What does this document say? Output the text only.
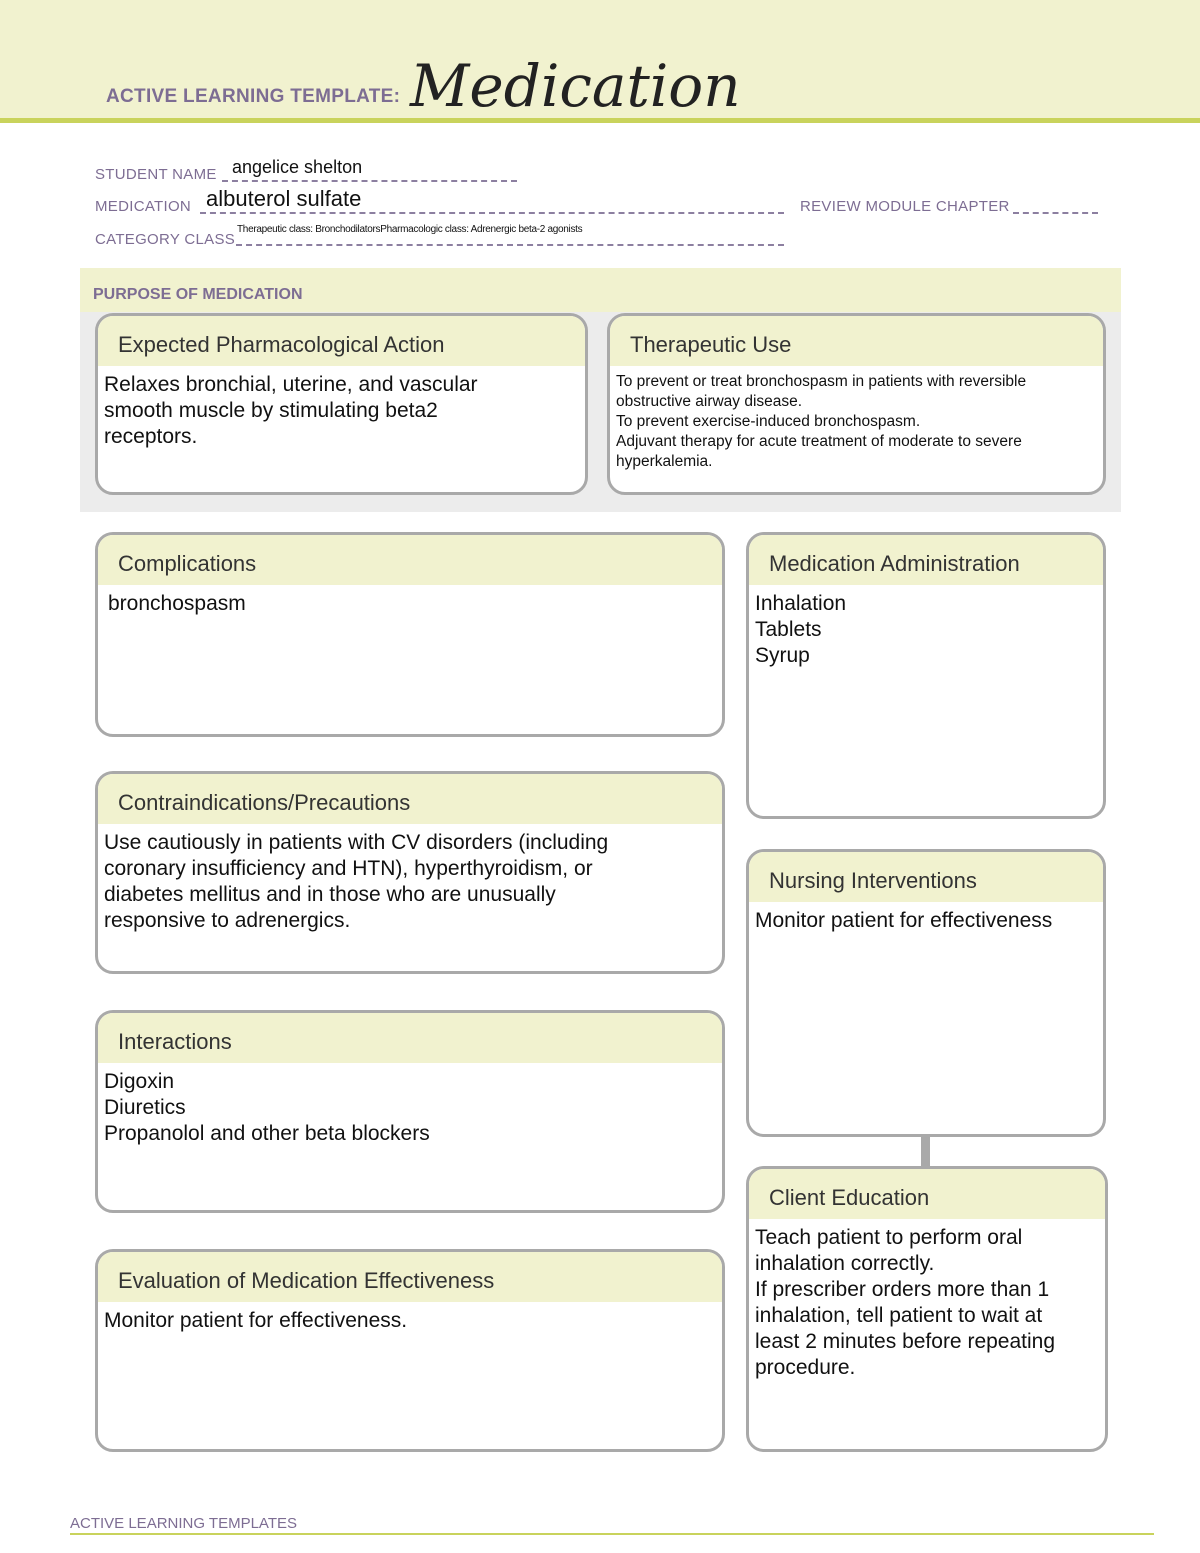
ACTIVE LEARNING TEMPLATE: Medication
STUDENT NAME angelice shelton
MEDICATION albuterol sulfate	REVIEW MODULE CHAPTER
CATEGORY CLASS
Therapeutic class: BronchodilatorsPharmacologic class: Adrenergic beta-2 agonists
PURPOSE OF MEDICATION
Expected Pharmacological Action
Relaxes bronchial, uterine, and vascular
smooth muscle by stimulating beta2
receptors.
Therapeutic Use
To prevent or treat bronchospasm in patients with reversible
obstructive airway disease.
To prevent exercise-induced bronchospasm.
Adjuvant therapy for acute treatment of moderate to severe
hyperkalemia.
Complications
bronchospasm
Medication Administration
Inhalation
Tablets
Syrup
Contraindications/Precautions
Use cautiously in patients with CV disorders (including
coronary insufficiency and HTN), hyperthyroidism, or
diabetes mellitus and in those who are unusually
responsive to adrenergics.
Nursing Interventions
Monitor patient for effectiveness
Interactions
Digoxin
Diuretics
Propanolol and other beta blockers
Client Education
Teach patient to perform oral
inhalation correctly.
If prescriber orders more than 1
inhalation, tell patient to wait at
least 2 minutes before repeating
procedure.
Evaluation of Medication Effectiveness
Monitor patient for effectiveness.
ACTIVE LEARNING TEMPLATES
